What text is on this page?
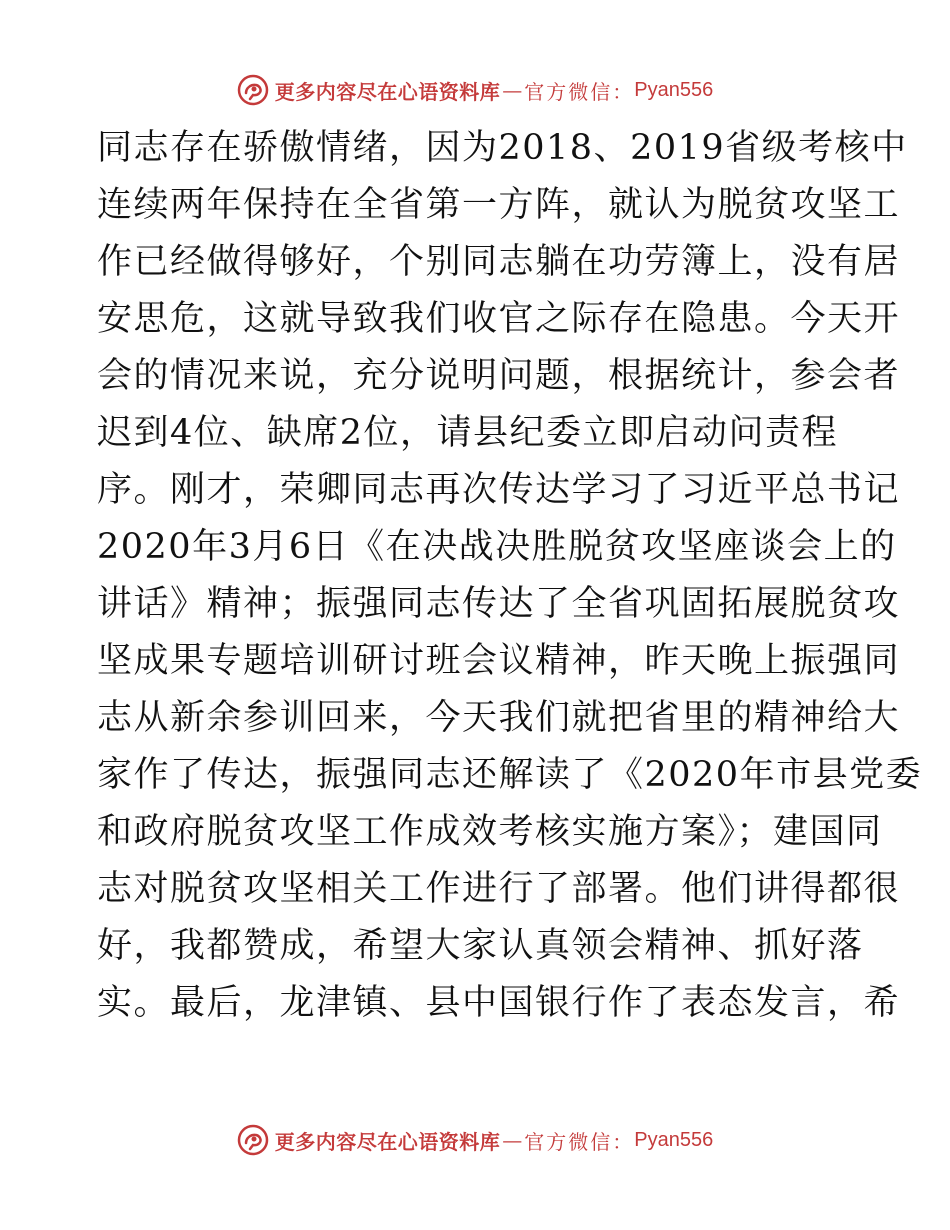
更多内容尽在心语资料库 — 官方微信： Pyan556
同志存在骄傲情绪，因为2018、2019省级考核中
连续两年保持在全省第一方阵，就认为脱贫攻坚工
作已经做得够好，个别同志躺在功劳簿上，没有居
安思危，这就导致我们收官之际存在隐患。今天开
会的情况来说，充分说明问题，根据统计，参会者
迟到4位、缺席2位，请县纪委立即启动问责程
序。刚才，荣卿同志再次传达学习了习近平总书记
2020年3月6日《在决战决胜脱贫攻坚座谈会上的
讲话》精神；振强同志传达了全省巩固拓展脱贫攻
坚成果专题培训研讨班会议精神，昨天晚上振强同
志从新余参训回来，今天我们就把省里的精神给大
家作了传达，振强同志还解读了《2020年市县党委
和政府脱贫攻坚工作成效考核实施方案》；建国同
志对脱贫攻坚相关工作进行了部署。他们讲得都很
好，我都赞成，希望大家认真领会精神、抓好落
实。最后，龙津镇、县中国银行作了表态发言，希
更多内容尽在心语资料库 — 官方微信： Pyan556
